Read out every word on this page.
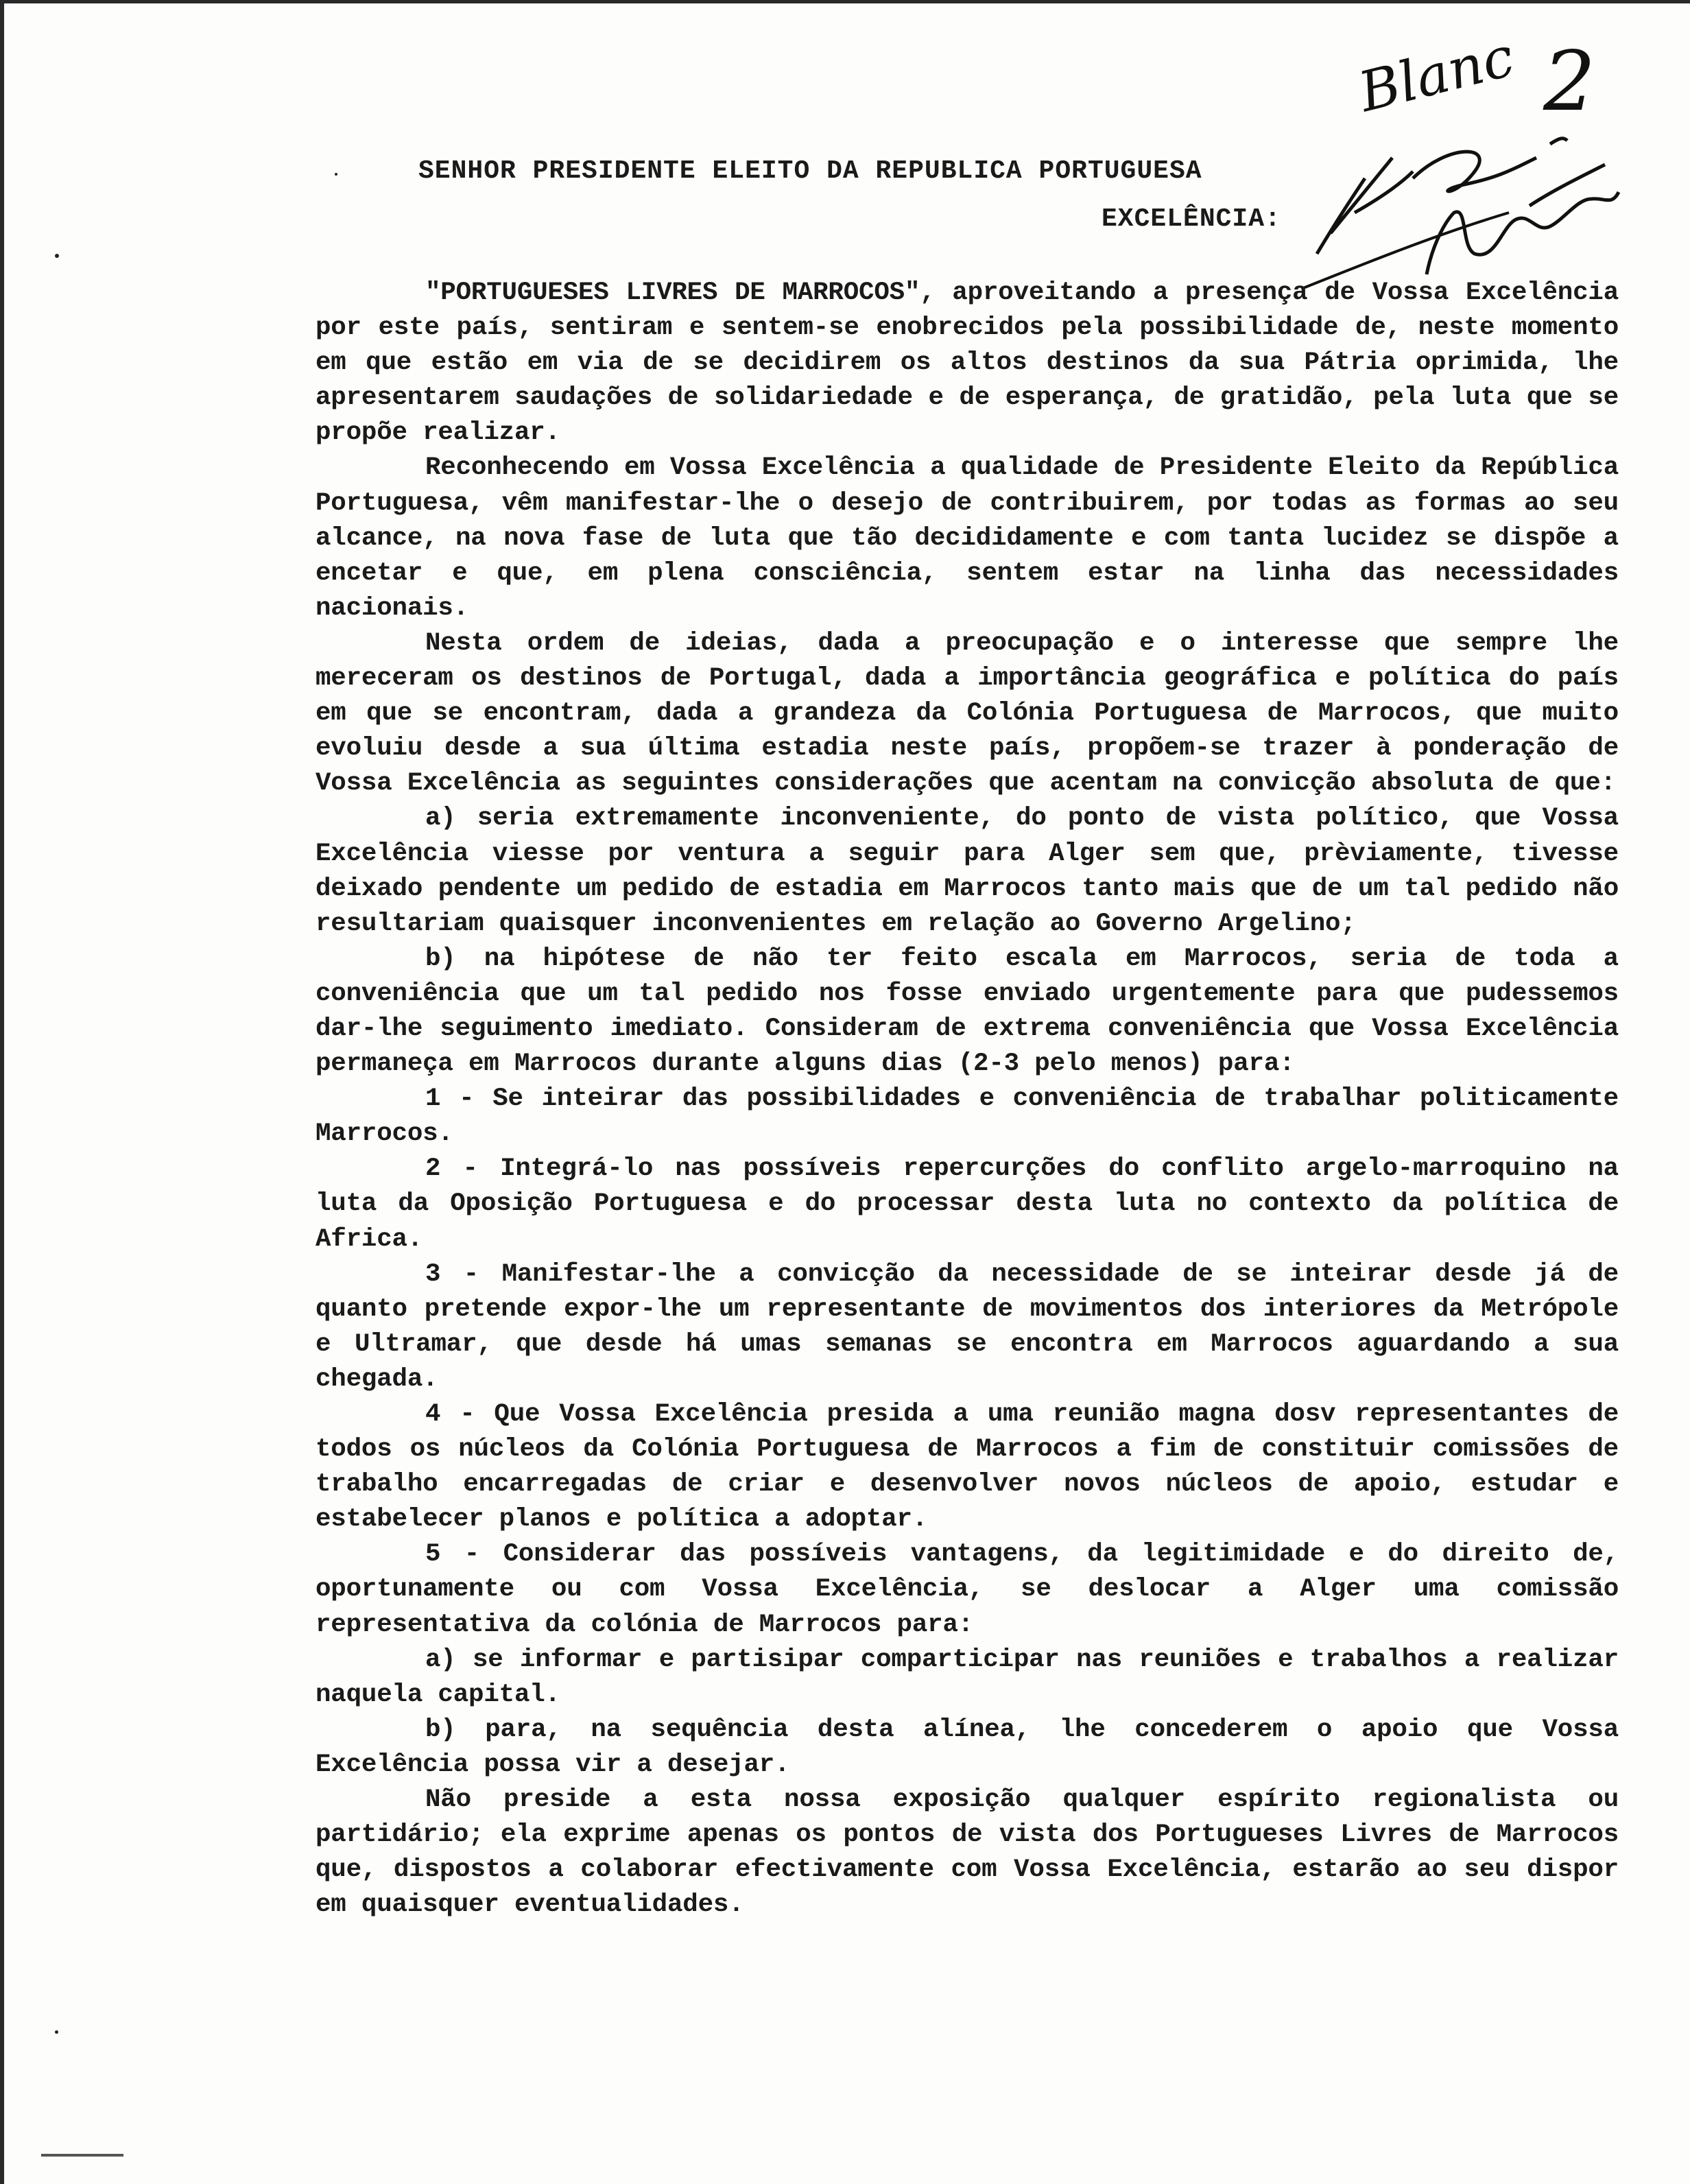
Blanc 2
SENHOR PRESIDENTE ELEITO DA REPUBLICA PORTUGUESA
EXCELÊNCIA:

"PORTUGUESES LIVRES DE MARROCOS", aproveitando a presença de Vossa Excelência por este país, sentiram e sentem-se enobrecidos pela possibilidade de, neste momento em que estão em via de se decidirem os altos destinos da sua Pátria oprimida, lhe apresentarem saudações de solidariedade e de esperança, de gratidão, pela luta que se propõe realizar.

Reconhecendo em Vossa Excelência a qualidade de Presidente Eleito da República Portuguesa, vêm manifestar-lhe o desejo de contribuirem, por todas as formas ao seu alcance, na nova fase de luta que tão decididamente e com tanta lucidez se dispõe a encetar e que, em plena consciência, sentem estar na linha das necessidades nacionais.

Nesta ordem de ideias, dada a preocupação e o interesse que sempre lhe mereceram os destinos de Portugal, dada a importância geográfica e política do país em que se encontram, dada a grandeza da Colónia Portuguesa de Marrocos, que muito evoluiu desde a sua última estadia neste país, propõem-se trazer à ponderação de Vossa Excelência as seguintes considerações que acentam na convicção absoluta de que:

a) seria extremamente inconveniente, do ponto de vista político, que Vossa Excelência viesse por ventura a seguir para Alger sem que, prèviamente, tivesse deixado pendente um pedido de estadia em Marrocos tanto mais que de um tal pedido não resultariam quaisquer inconvenientes em relação ao Governo Argelino;

b) na hipótese de não ter feito escala em Marrocos, seria de toda a conveniência que um tal pedido nos fosse enviado urgentemente para que pudessemos dar-lhe seguimento imediato. Consideram de extrema conveniência que Vossa Excelência permaneça em Marrocos durante alguns dias (2-3 pelo menos) para:

1 - Se inteirar das possibilidades e conveniência de trabalhar politicamente Marrocos.

2 - Integrá-lo nas possíveis repercurções do conflito argelo-marroquino na luta da Oposição Portuguesa e do processar desta luta no contexto da política de Africa.

3 - Manifestar-lhe a convicção da necessidade de se inteirar desde já de quanto pretende expor-lhe um representante de movimentos dos interiores da Metrópole e Ultramar, que desde há umas semanas se encontra em Marrocos aguardando a sua chegada.

4 - Que Vossa Excelência presida a uma reunião magna dosv representantes de todos os núcleos da Colónia Portuguesa de Marrocos a fim de constituir comissões de trabalho encarregadas de criar e desenvolver novos núcleos de apoio, estudar e estabelecer planos e política a adoptar.

5 - Considerar das possíveis vantagens, da legitimidade e do direito de, oportunamente ou com Vossa Excelência, se deslocar a Alger uma comissão representativa da colónia de Marrocos para:

a) se informar e partisipar comparticipar nas reuniões e trabalhos a realizar naquela capital.

b) para, na sequência desta alínea, lhe concederem o apoio que Vossa Excelência possa vir a desejar.

Não preside a esta nossa exposição qualquer espírito regionalista ou partidário; ela exprime apenas os pontos de vista dos Portugueses Livres de Marrocos que, dispostos a colaborar efectivamente com Vossa Excelência, estarão ao seu dispor em quaisquer eventualidades.
